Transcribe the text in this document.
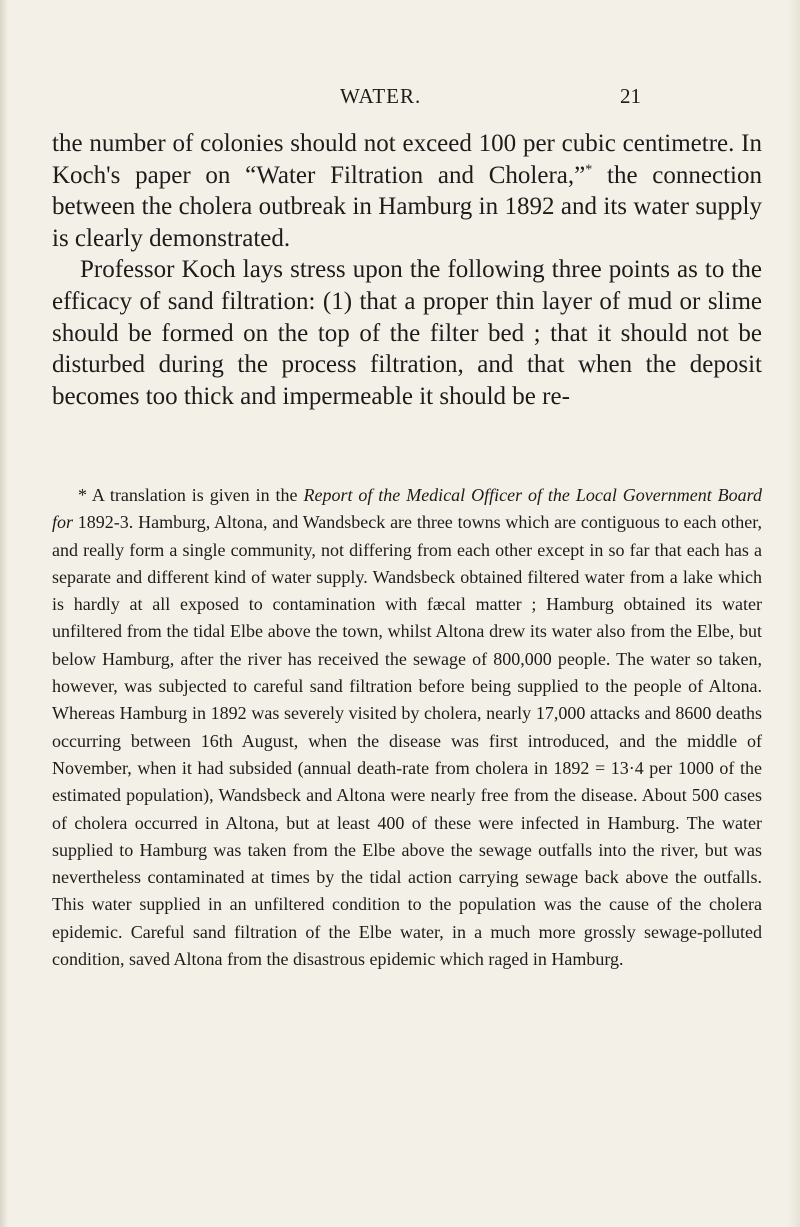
WATER.	21

the number of colonies should not exceed 100 per cubic centimetre. In Koch's paper on “Water Filtration and Cholera,”* the connection between the cholera outbreak in Hamburg in 1892 and its water supply is clearly demonstrated.

Professor Koch lays stress upon the following three points as to the efficacy of sand filtration: (1) that a proper thin layer of mud or slime should be formed on the top of the filter bed ; that it should not be disturbed during the process filtration, and that when the deposit becomes too thick and impermeable it should be re-

* A translation is given in the Report of the Medical Officer of the Local Government Board for 1892-3. Hamburg, Altona, and Wandsbeck are three towns which are contiguous to each other, and really form a single community, not differing from each other except in so far that each has a separate and different kind of water supply. Wandsbeck obtained filtered water from a lake which is hardly at all exposed to contamination with fæcal matter ; Hamburg obtained its water unfiltered from the tidal Elbe above the town, whilst Altona drew its water also from the Elbe, but below Hamburg, after the river has received the sewage of 800,000 people. The water so taken, however, was subjected to careful sand filtration before being supplied to the people of Altona. Whereas Hamburg in 1892 was severely visited by cholera, nearly 17,000 attacks and 8600 deaths occurring between 16th August, when the disease was first introduced, and the middle of November, when it had subsided (annual death-rate from cholera in 1892 = 13·4 per 1000 of the estimated population), Wandsbeck and Altona were nearly free from the disease. About 500 cases of cholera occurred in Altona, but at least 400 of these were infected in Hamburg. The water supplied to Hamburg was taken from the Elbe above the sewage outfalls into the river, but was nevertheless contaminated at times by the tidal action carrying sewage back above the outfalls. This water supplied in an unfiltered condition to the population was the cause of the cholera epidemic. Careful sand filtration of the Elbe water, in a much more grossly sewage-polluted condition, saved Altona from the disastrous epidemic which raged in Hamburg.
